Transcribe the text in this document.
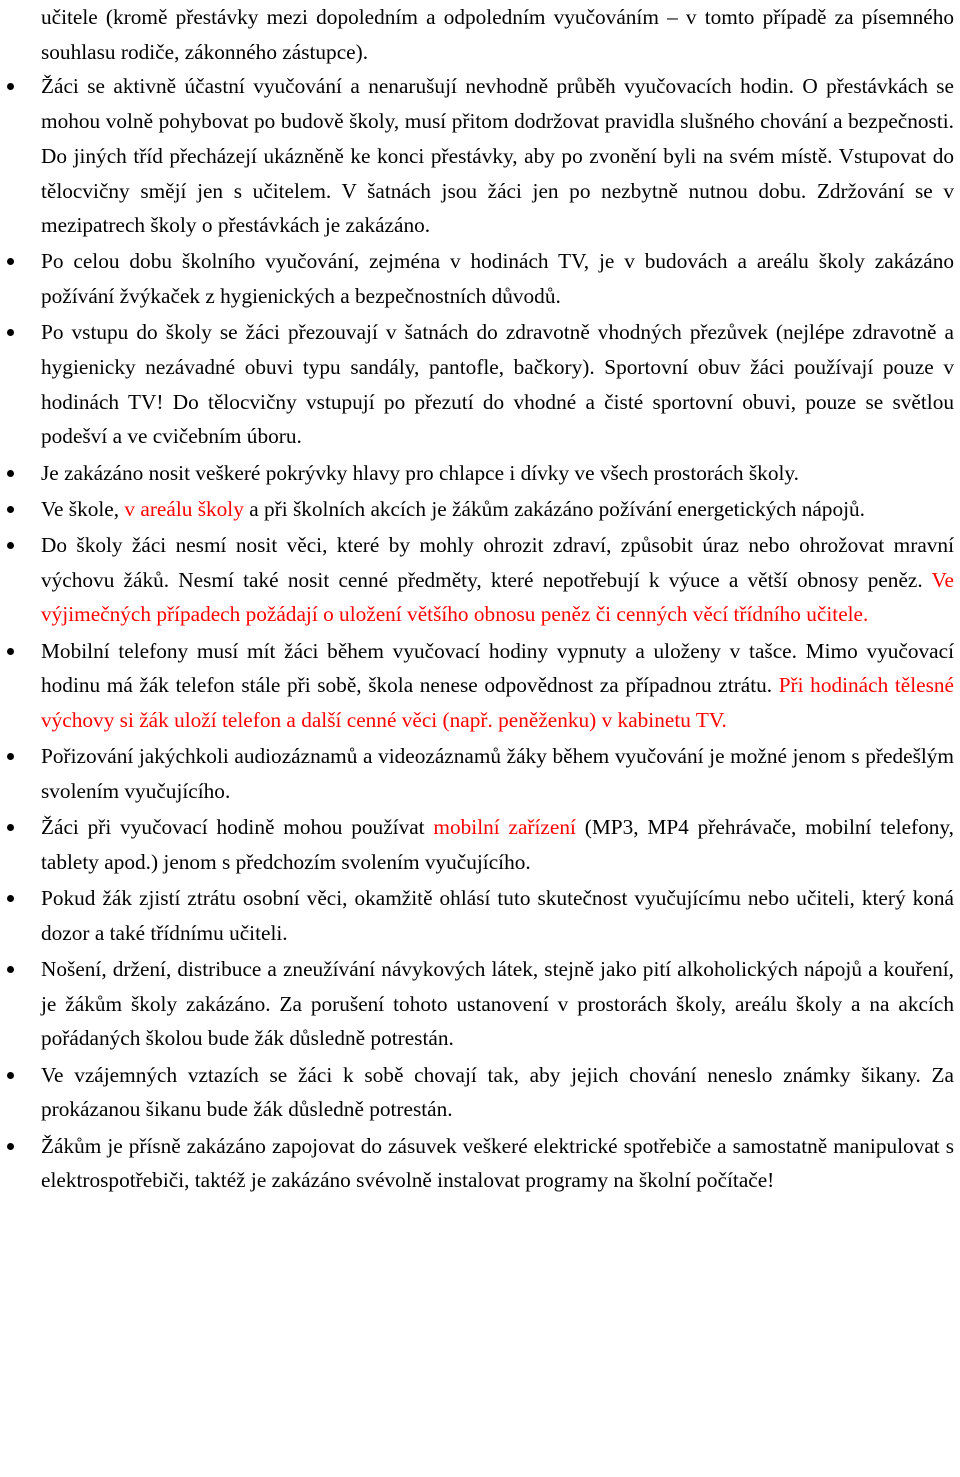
učitele (kromě přestávky mezi dopoledním a odpoledním vyučováním – v tomto případě za písemného souhlasu rodiče, zákonného zástupce).

Žáci se aktivně účastní vyučování a nenarušují nevhodně průběh vyučovacích hodin. O přestávkách se mohou volně pohybovat po budově školy, musí přitom dodržovat pravidla slušného chování a bezpečnosti. Do jiných tříd přecházejí ukázněně ke konci přestávky, aby po zvonění byli na svém místě. Vstupovat do tělocvičny smějí jen s učitelem. V šatnách jsou žáci jen po nezbytně nutnou dobu. Zdržování se v mezipatrech školy o přestávkách je zakázáno.
Po celou dobu školního vyučování, zejména v hodinách TV, je v budovách a areálu školy zakázáno požívání žvýkaček z hygienických a bezpečnostních důvodů.
Po vstupu do školy se žáci přezouvají v šatnách do zdravotně vhodných přezůvek (nejlépe zdravotně a hygienicky nezávadné obuvi typu sandály, pantofle, bačkory). Sportovní obuv žáci používají pouze v hodinách TV! Do tělocvičny vstupují po přezutí do vhodné a čisté sportovní obuvi, pouze se světlou podešví a ve cvičebním úboru.
Je zakázáno nosit veškeré pokrývky hlavy pro chlapce i dívky ve všech prostorách školy.
Ve škole, v areálu školy a při školních akcích je žákům zakázáno požívání energetických nápojů.
Do školy žáci nesmí nosit věci, které by mohly ohrozit zdraví, způsobit úraz nebo ohrožovat mravní výchovu žáků. Nesmí také nosit cenné předměty, které nepotřebují k výuce a větší obnosy peněz. Ve výjimečných případech požádají o uložení většího obnosu peněz či cenných věcí třídního učitele.
Mobilní telefony musí mít žáci během vyučovací hodiny vypnuty a uloženy v tašce. Mimo vyučovací hodinu má žák telefon stále při sobě, škola nenese odpovědnost za případnou ztrátu. Při hodinách tělesné výchovy si žák uloží telefon a další cenné věci (např. peněženku) v kabinetu TV.
Pořizování jakýchkoli audiozáznamů a videozáznamů žáky během vyučování je možné jenom s předešlým svolením vyučujícího.
Žáci při vyučovací hodině mohou používat mobilní zařízení (MP3, MP4 přehrávače, mobilní telefony, tablety apod.) jenom s předchozím svolením vyučujícího.
Pokud žák zjistí ztrátu osobní věci, okamžitě ohlásí tuto skutečnost vyučujícímu nebo učiteli, který koná dozor a také třídnímu učiteli.
Nošení, držení, distribuce a zneužívání návykových látek, stejně jako pití alkoholických nápojů a kouření, je žákům školy zakázáno. Za porušení tohoto ustanovení v prostorách školy, areálu školy a na akcích pořádaných školou bude žák důsledně potrestán.
Ve vzájemných vztazích se žáci k sobě chovají tak, aby jejich chování neneslo známky šikany. Za prokázanou šikanu bude žák důsledně potrestán.
Žákům je přísně zakázáno zapojovat do zásuvek veškeré elektrické spotřebiče a samostatně manipulovat s elektrospotřebiči, taktéž je zakázáno svévolně instalovat programy na školní počítače!
